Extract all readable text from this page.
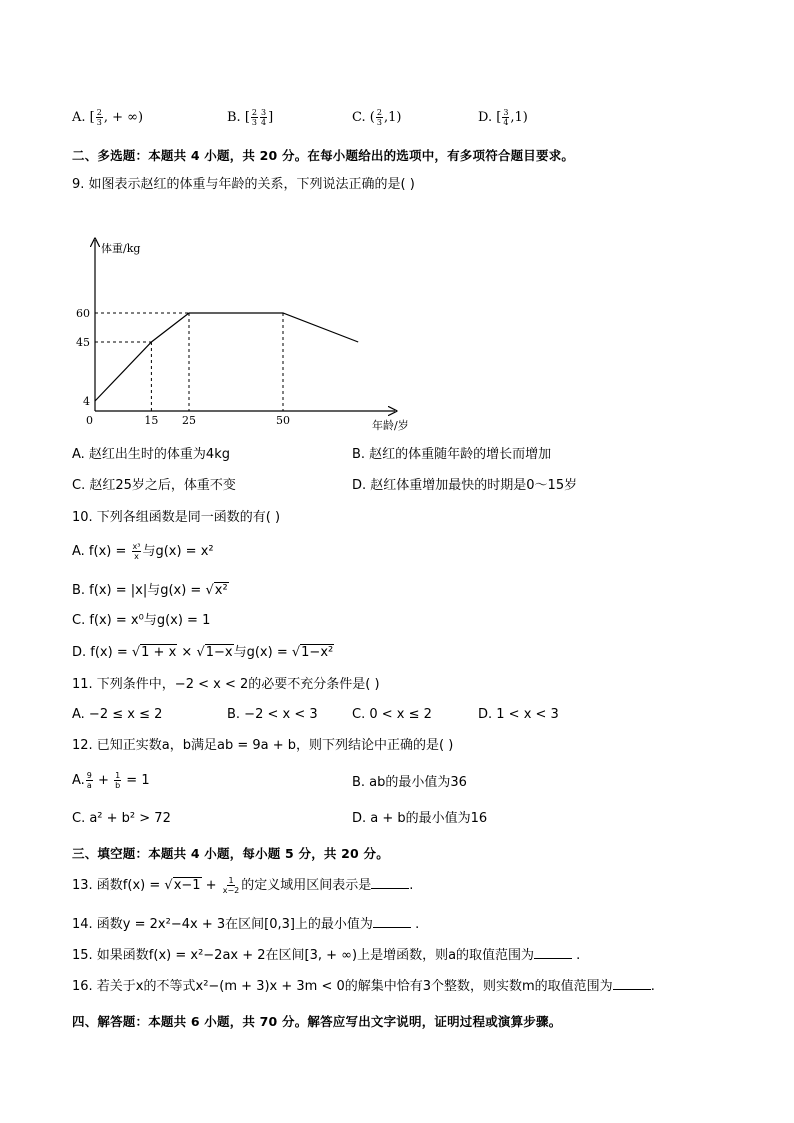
A. [ $\frac{2}{3}$ , + ∞)	B. [ $\frac{2}{3} \frac{3}{4}$ ]	C. ( $\frac{2}{3} ,1$)	D. [ $\frac{3}{4} ,1$)
二、多选题：本题共 4 小题，共 20 分。在每小题给出的选项中，有多项符合题目要求。
9. 如图表示赵红的体重与年龄的关系，下列说法正确的是( )
体重/kg
年龄/岁
0	15 25	50
4
45
60
A. 赵红出生时的体重为4kg	B. 赵红的体重随年龄的增长而增加
C. 赵红25岁之后，体重不变	D. 赵红体重增加最快的时期是0～15岁
10. 下列各组函数是同一函数的有( )
A. $f(x) = \frac{\text{x³}}{x}$ 与g(x) = x²
B. f(x) = |x|与g(x) = √x²
C. f(x) = x⁰与g(x) = 1
D. f(x) = √1 + x × √1−x与g(x) = √1−x²
11. 下列条件中，−2 < x < 2的必要不充分条件是( )
A. −2 ≤ x ≤ 2	B. −2 < x < 3	C. 0 < x ≤ 2	D. 1 < x < 3
12. 已知正实数a，b满足ab = 9a + b，则下列结论中正确的是( )
A. $\frac{9}{a} + \frac{1}{b} = 1$	B. ab的最小值为36
C. a² + b² > 72	D. a + b的最小值为16
三、填空题：本题共 4 小题，每小题 5 分，共 20 分。
13. 函数$f(x) = √x-1 + \frac{1}{x-2}$ 的定义域用区间表示是	.
14. 函数y = 2x²−4x + 3在区间[0,3]上的最小值为	.
15. 如果函数f(x) = x²−2ax + 2在区间[3, + ∞)上是增函数，则a的取值范围为	.
16. 若关于x的不等式x²−(m + 3)x + 3m < 0的解集中恰有3个整数，则实数m的取值范围为	.
四、解答题：本题共 6 小题，共 70 分。解答应写出文字说明，证明过程或演算步骤。
